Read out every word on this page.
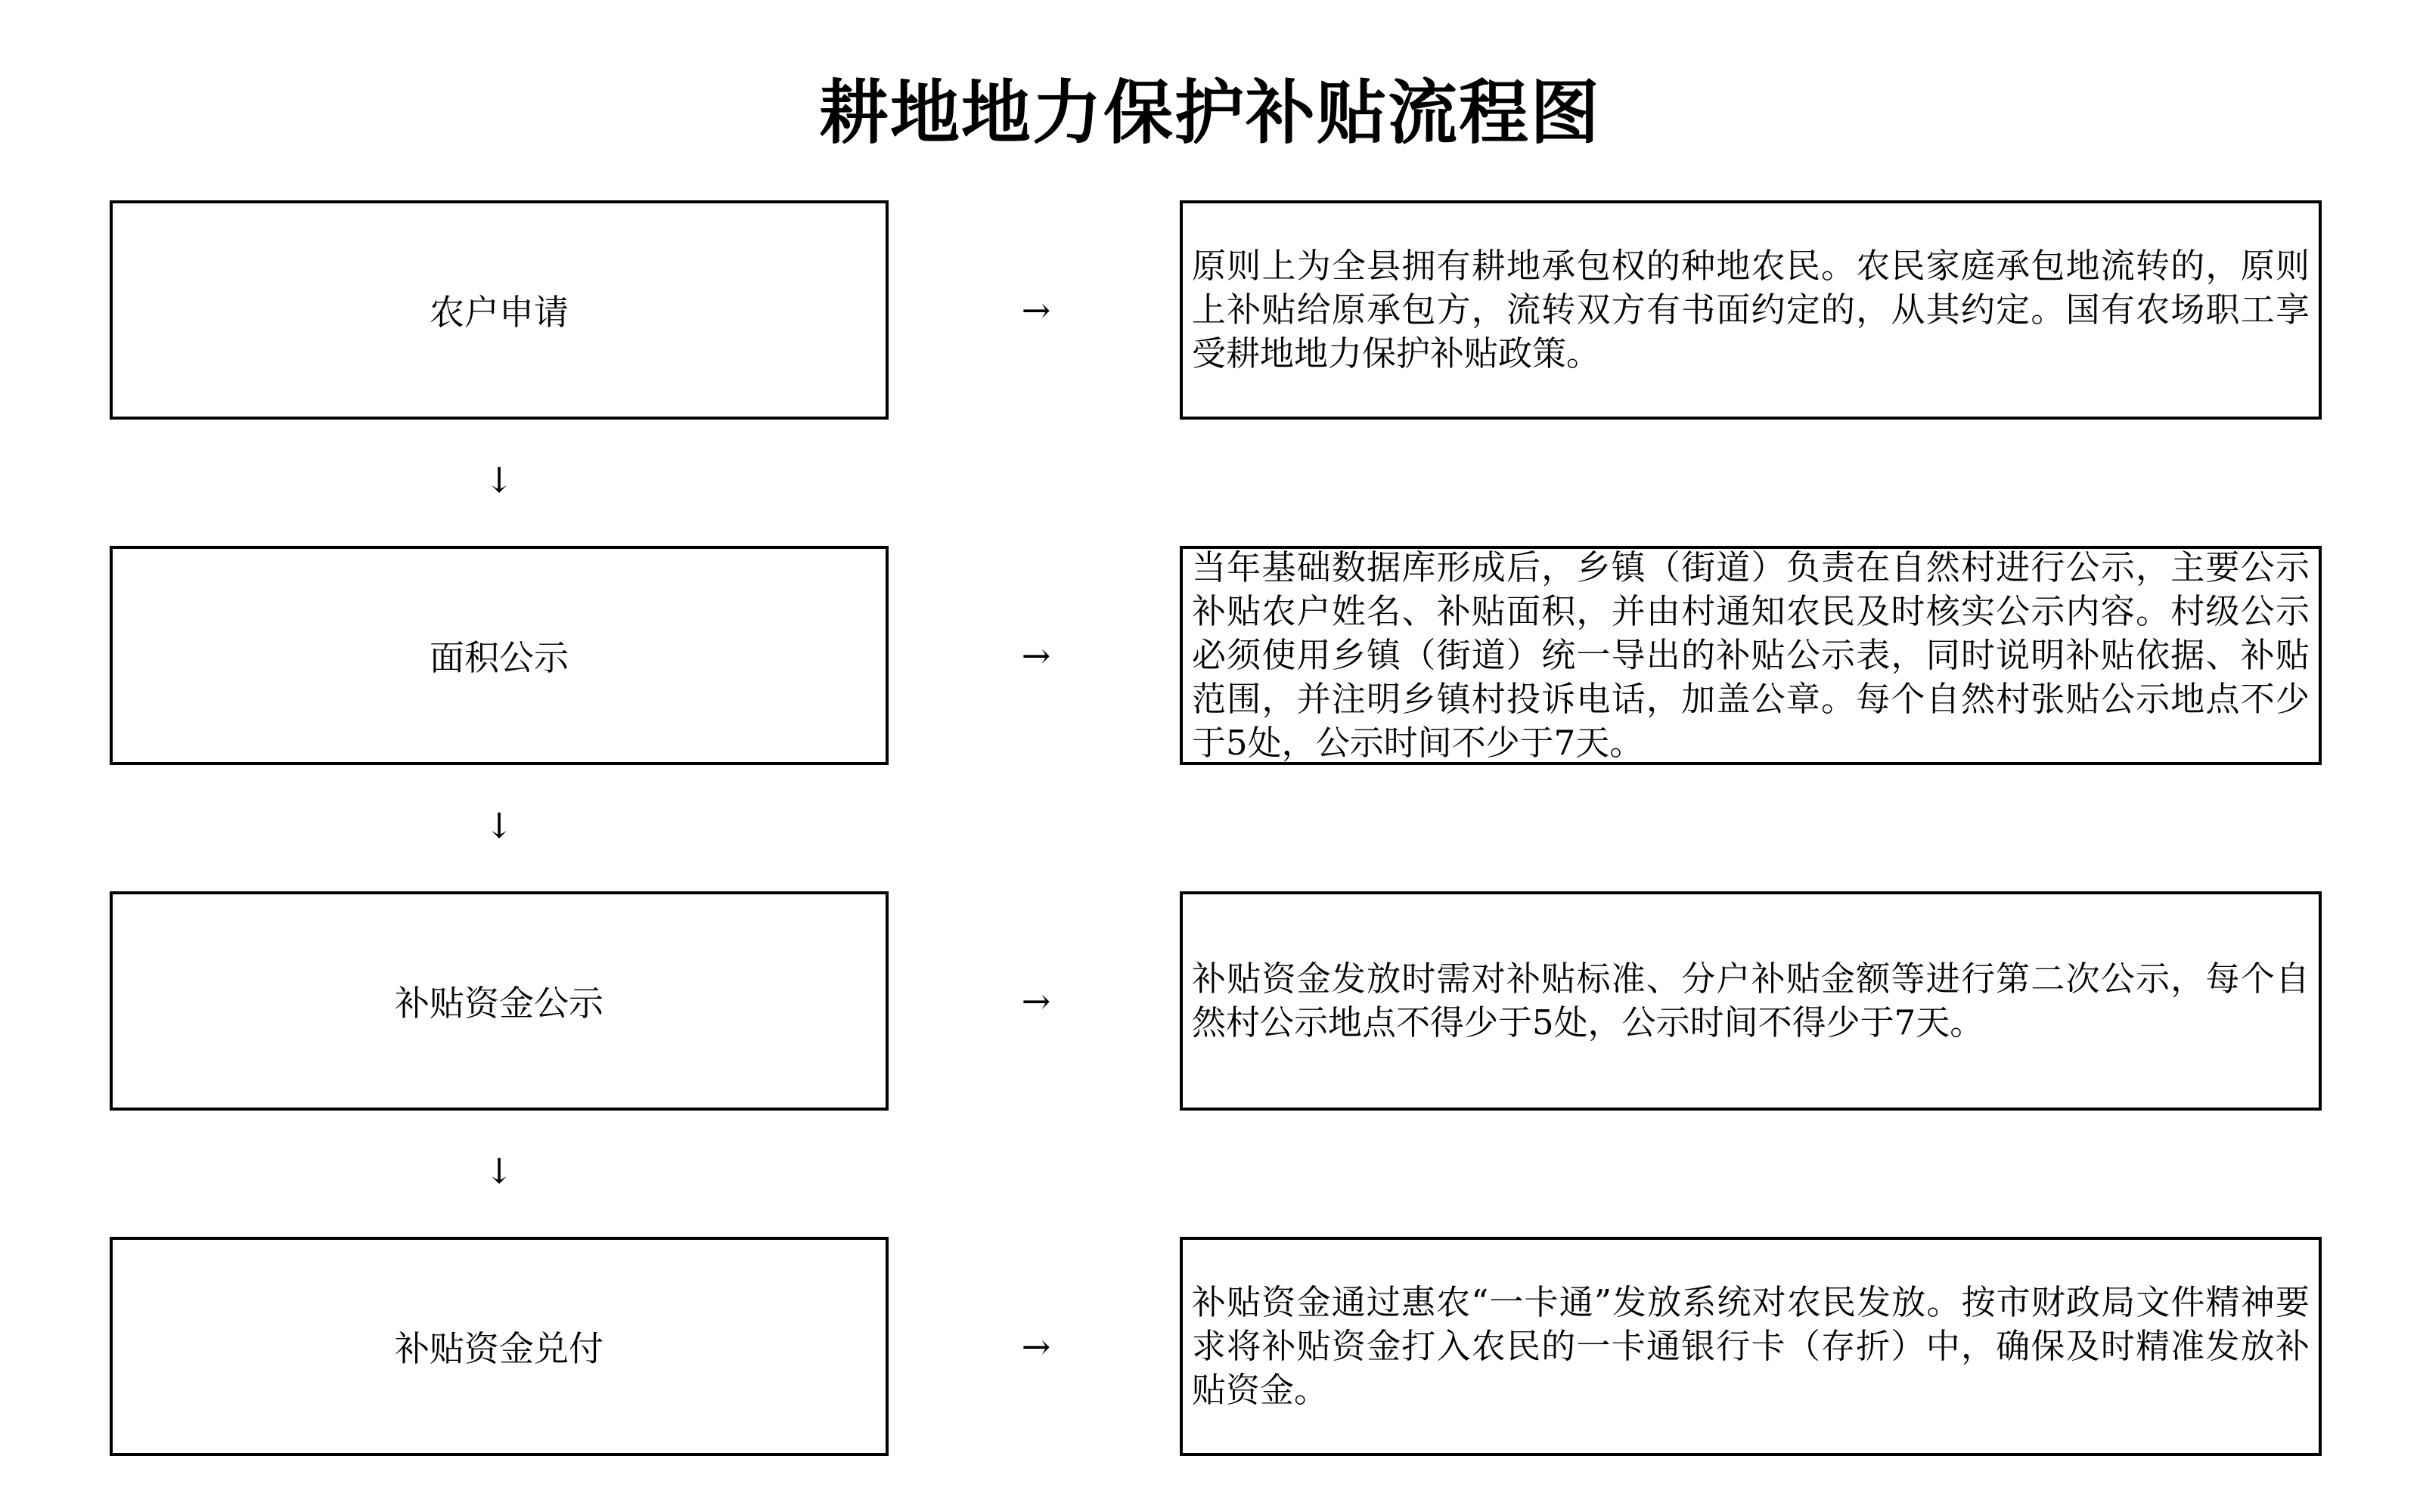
耕地地力保护补贴流程图
农户申请	→
原则上为全县拥有耕地承包权的种地农民。农民家庭承包地流转的，原则上补贴给原承包方，流转双方有书面约定的，从其约定。国有农场职工享受耕地地力保护补贴政策。
↓
面积公示	→
当年基础数据库形成后，乡镇（街道）负责在自然村进行公示，主要公示补贴农户姓名、补贴面积，并由村通知农民及时核实公示内容。村级公示必须使用乡镇（街道）统一导出的补贴公示表，同时说明补贴依据、补贴范围，并注明乡镇村投诉电话，加盖公章。每个自然村张贴公示地点不少于5处，公示时间不少于7天。
↓
补贴资金公示	→
补贴资金发放时需对补贴标准、分户补贴金额等进行第二次公示，每个自然村公示地点不得少于5处，公示时间不得少于7天。
↓
补贴资金兑付	→
补贴资金通过惠农“一卡通”发放系统对农民发放。按市财政局文件精神要求将补贴资金打入农民的一卡通银行卡（存折）中，确保及时精准发放补贴资金。
